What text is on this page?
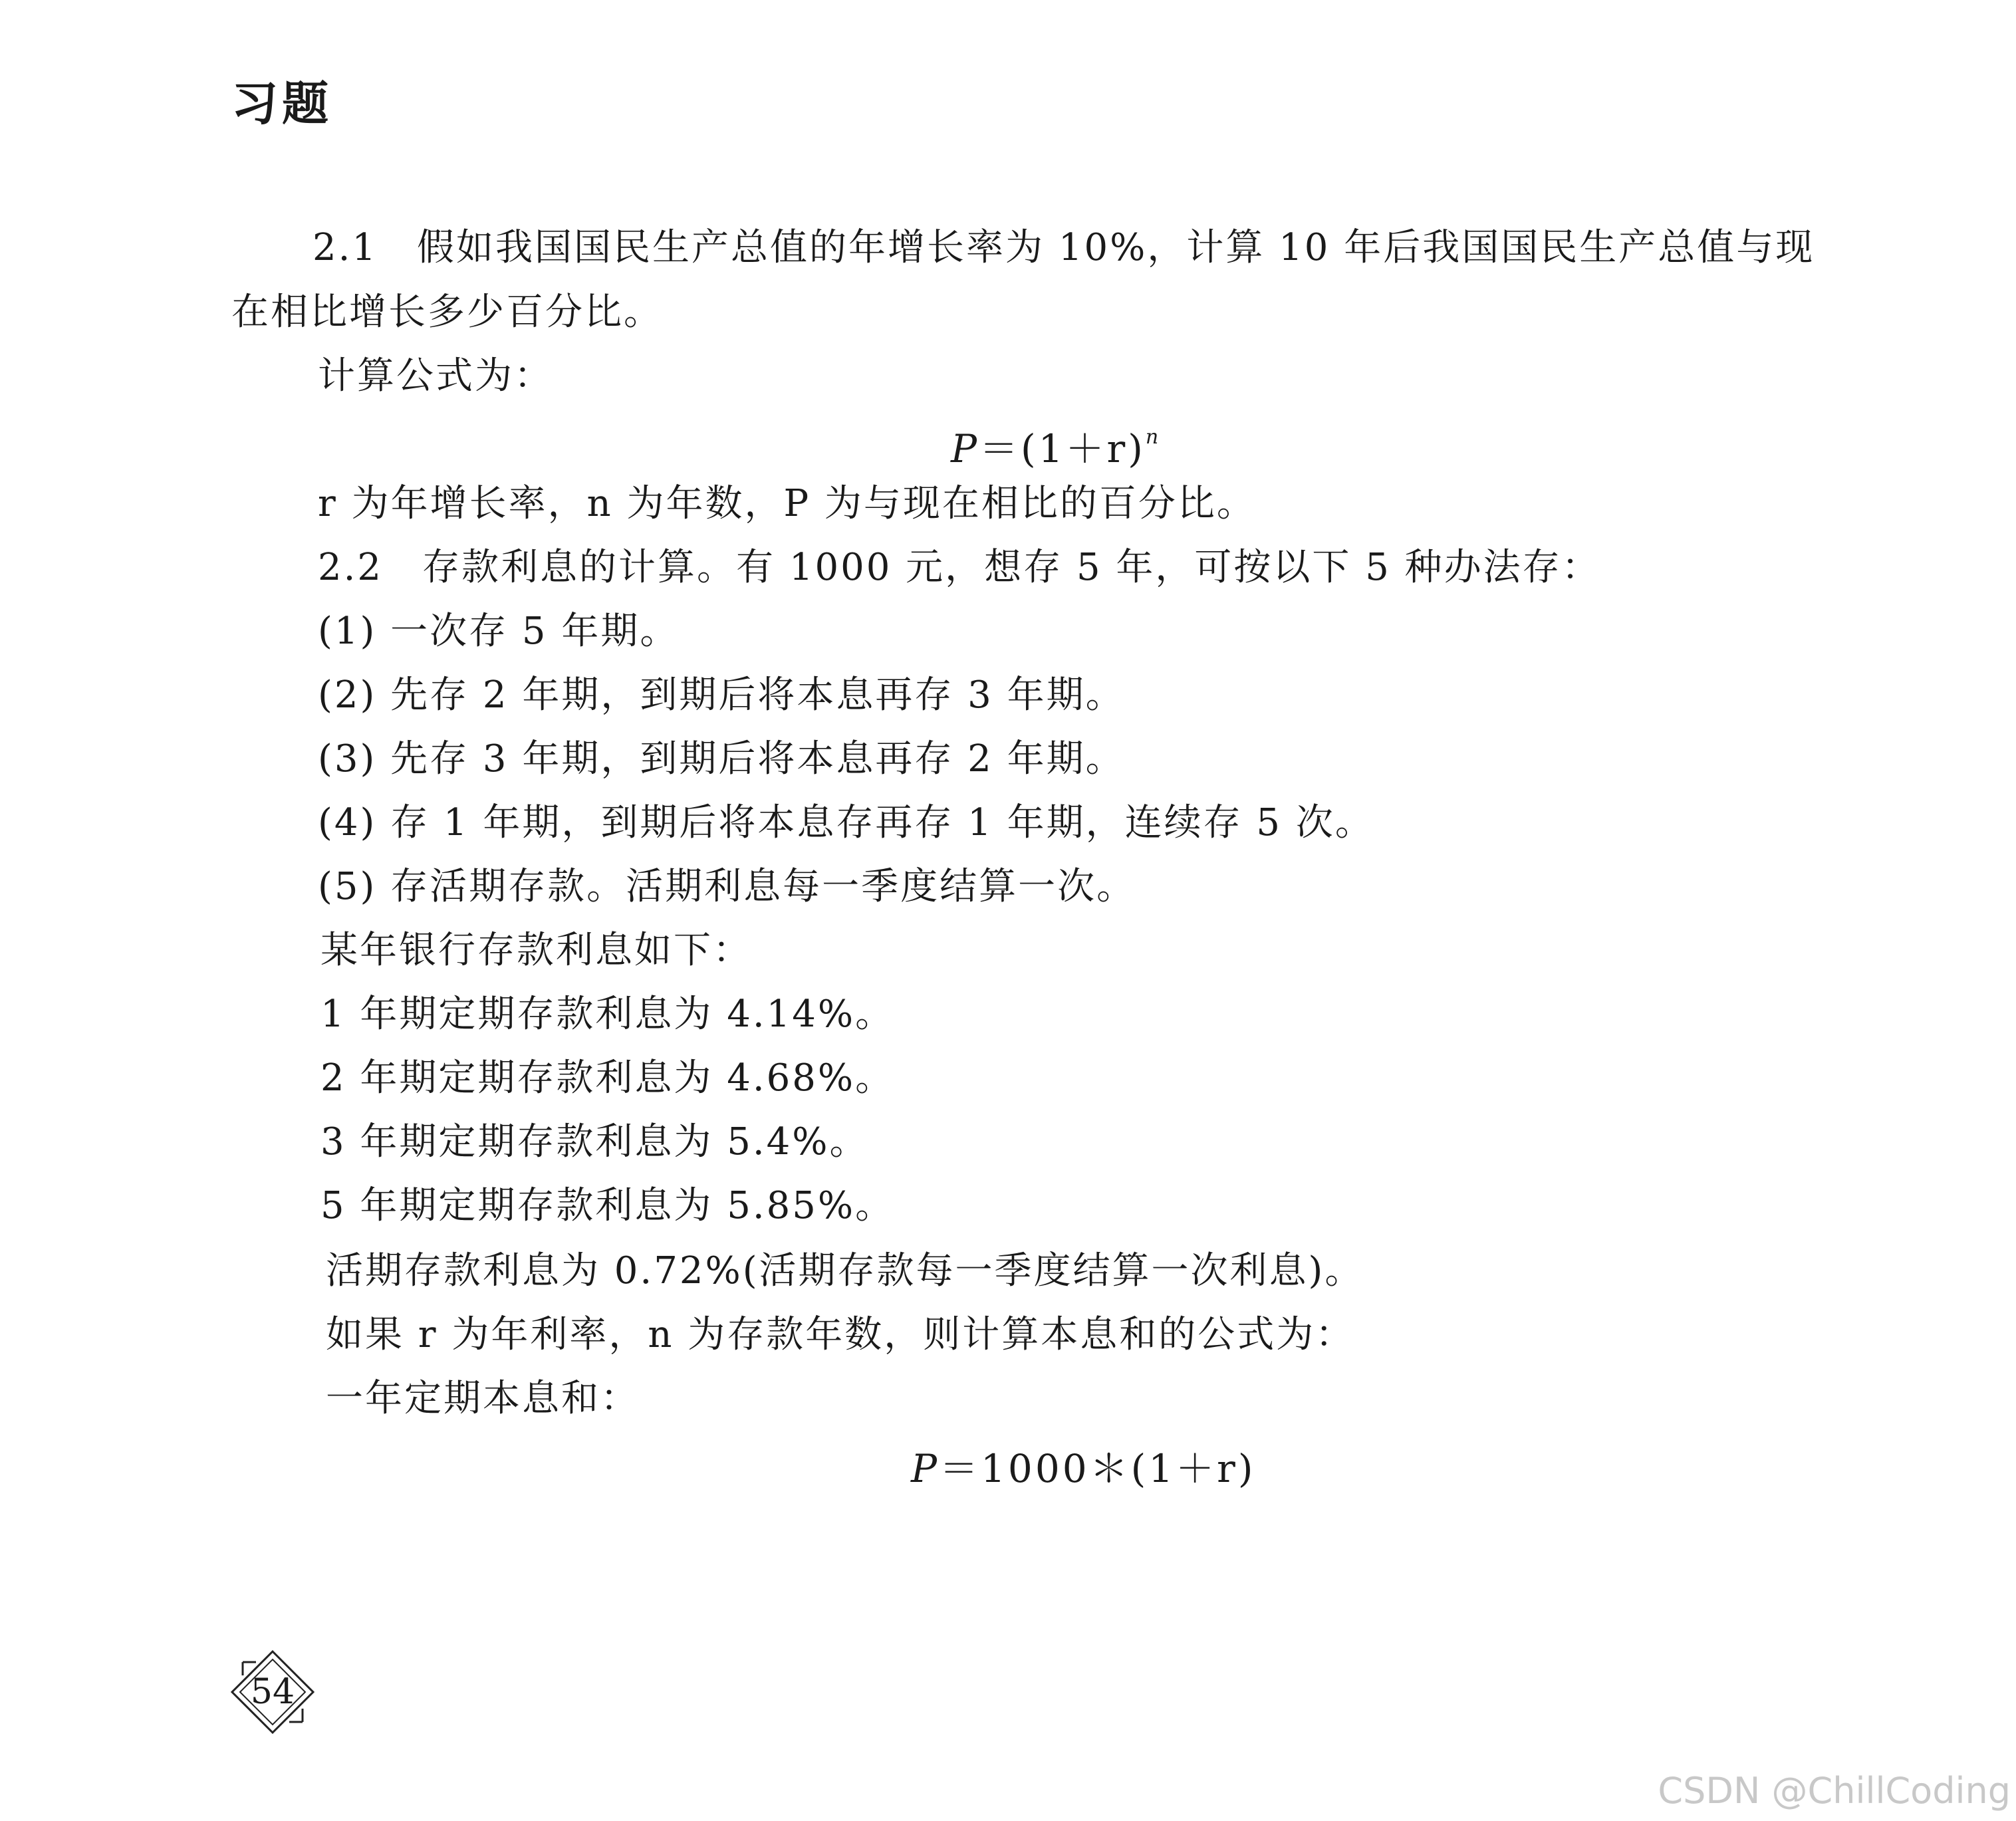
习题
2.1　假如我国国民生产总值的年增长率为 10%，计算 10 年后我国国民生产总值与现
在相比增长多少百分比。
计算公式为：
$P=(1+r)^n$
r 为年增长率，n 为年数，P 为与现在相比的百分比。
2.2　存款利息的计算。有 1000 元，想存 5 年，可按以下 5 种办法存：
(1) 一次存 5 年期。
(2) 先存 2 年期，到期后将本息再存 3 年期。
(3) 先存 3 年期，到期后将本息再存 2 年期。
(4) 存 1 年期，到期后将本息存再存 1 年期，连续存 5 次。
(5) 存活期存款。活期利息每一季度结算一次。
某年银行存款利息如下：
1 年期定期存款利息为 4.14%。
2 年期定期存款利息为 4.68%。
3 年期定期存款利息为 5.4%。
5 年期定期存款利息为 5.85%。
活期存款利息为 0.72%(活期存款每一季度结算一次利息)。
如果 r 为年利率，n 为存款年数，则计算本息和的公式为：
一年定期本息和：
P＝1000＊(1＋r)
54
CSDN @ChillCoding
